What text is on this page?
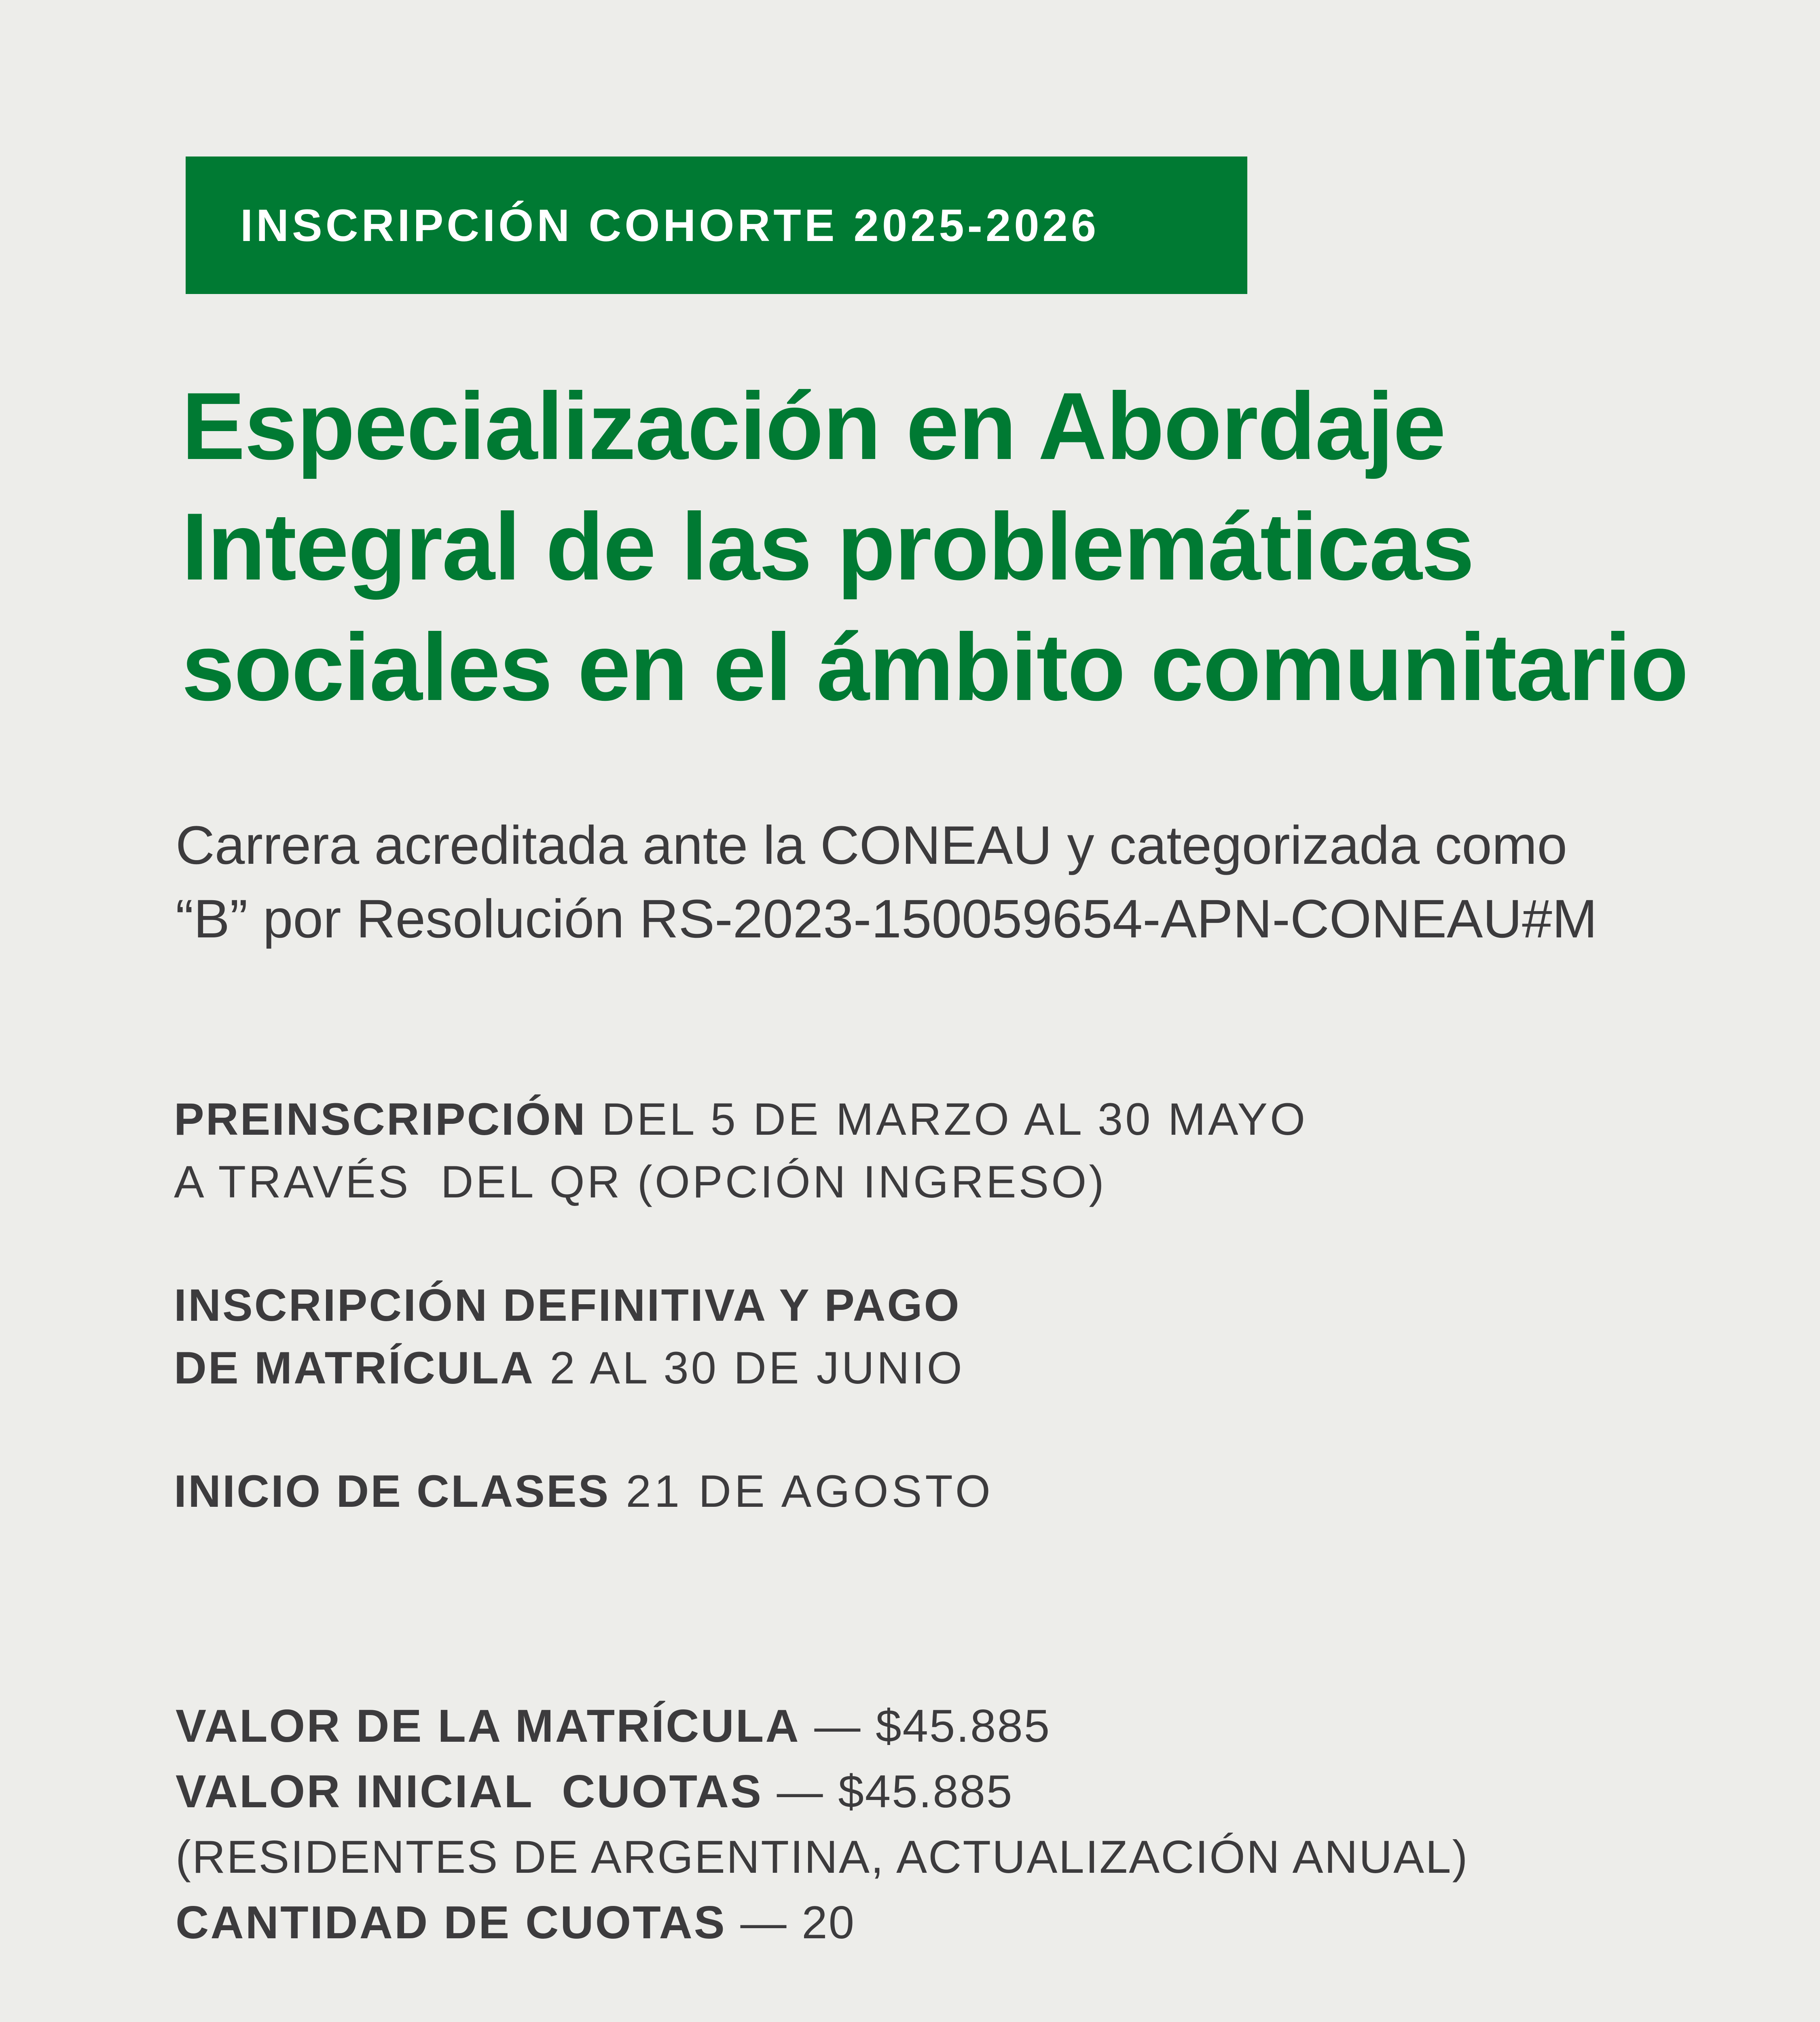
INSCRIPCIÓN COHORTE 2025-2026
Especialización en Abordaje
Integral de las problemáticas
sociales en el ámbito comunitario
Carrera acreditada ante la CONEAU y categorizada como
“B” por Resolución RS-2023-150059654-APN-CONEAU#M
PREINSCRIPCIÓN DEL 5 DE MARZO AL 30 MAYO
A TRAVÉS  DEL QR (OPCIÓN INGRESO)
INSCRIPCIÓN DEFINITIVA Y PAGO
DE MATRÍCULA 2 AL 30 DE JUNIO
INICIO DE CLASES 21 DE AGOSTO
VALOR DE LA MATRÍCULA — $45.885
VALOR INICIAL  CUOTAS — $45.885
(RESIDENTES DE ARGENTINA, ACTUALIZACIÓN ANUAL)
CANTIDAD DE CUOTAS — 20
